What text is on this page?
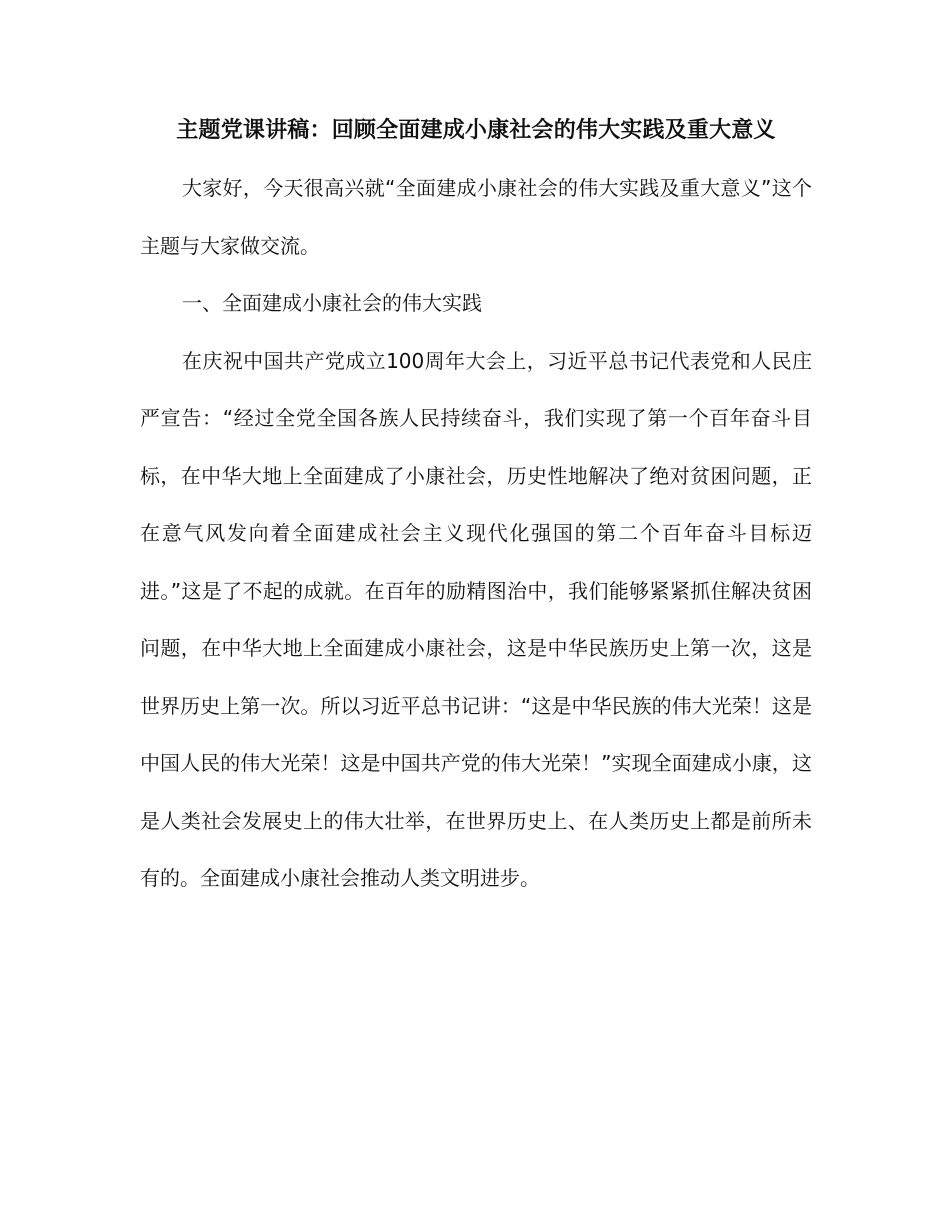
主题党课讲稿：回顾全面建成小康社会的伟大实践及重大意义

大家好，今天很高兴就“全面建成小康社会的伟大实践及重大意义”这个主题与大家做交流。

一、全面建成小康社会的伟大实践

在庆祝中国共产党成立100周年大会上，习近平总书记代表党和人民庄严宣告：“经过全党全国各族人民持续奋斗，我们实现了第一个百年奋斗目标，在中华大地上全面建成了小康社会，历史性地解决了绝对贫困问题，正在意气风发向着全面建成社会主义现代化强国的第二个百年奋斗目标迈进。”这是了不起的成就。在百年的励精图治中，我们能够紧紧抓住解决贫困问题，在中华大地上全面建成小康社会，这是中华民族历史上第一次，这是世界历史上第一次。所以习近平总书记讲：“这是中华民族的伟大光荣！这是中国人民的伟大光荣！这是中国共产党的伟大光荣！”实现全面建成小康，这是人类社会发展史上的伟大壮举，在世界历史上、在人类历史上都是前所未有的。全面建成小康社会推动人类文明进步。
